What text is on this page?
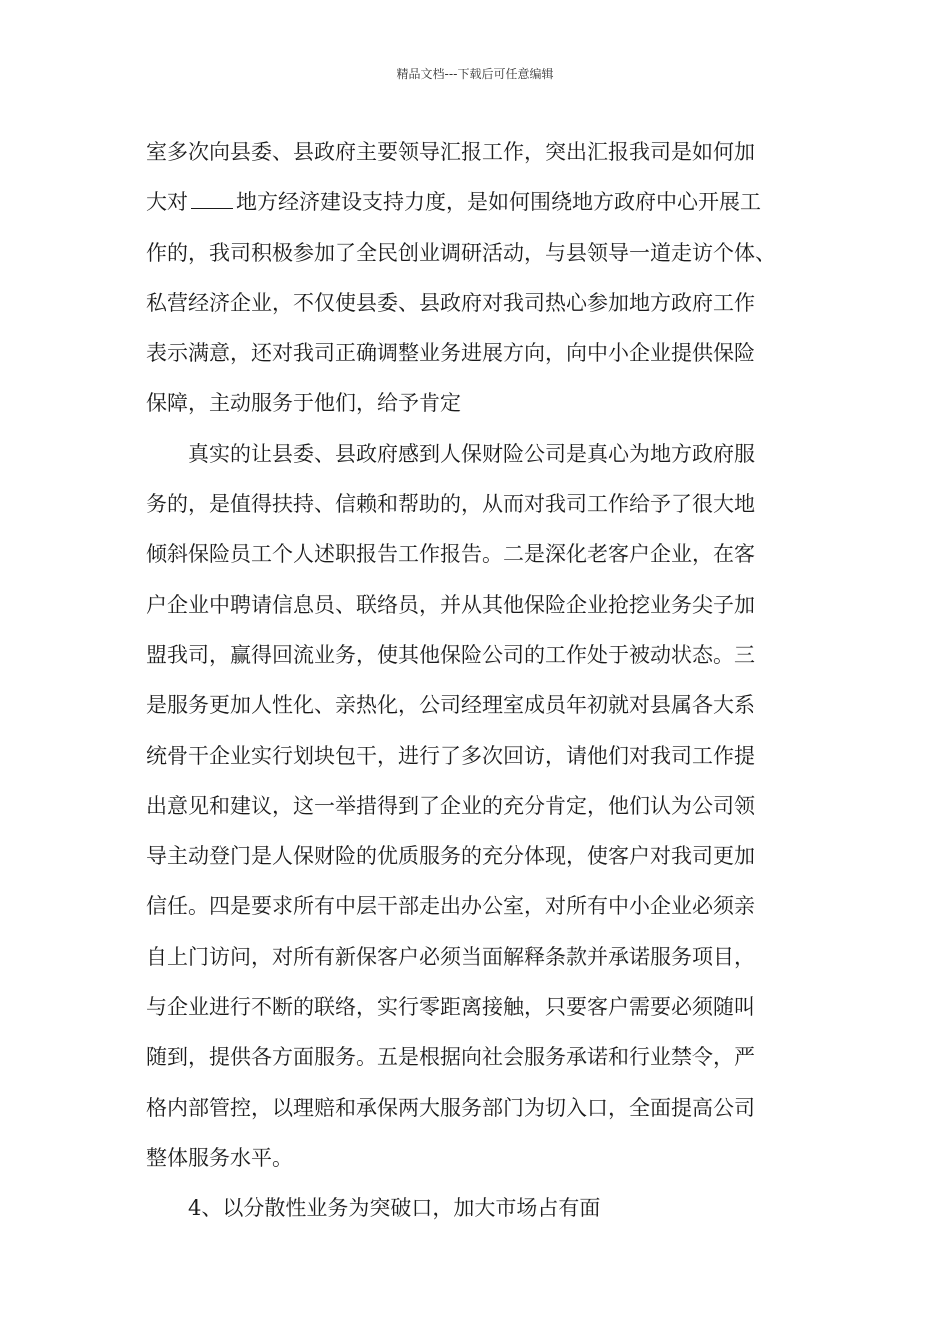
精品文档---下载后可任意编辑
室多次向县委、县政府主要领导汇报工作，突出汇报我司是如何加
大对 地方经济建设支持力度，是如何围绕地方政府中心开展工
作的，我司积极参加了全民创业调研活动，与县领导一道走访个体、
私营经济企业，不仅使县委、县政府对我司热心参加地方政府工作
表示满意，还对我司正确调整业务进展方向，向中小企业提供保险
保障，主动服务于他们，给予肯定
　　真实的让县委、县政府感到人保财险公司是真心为地方政府服
务的，是值得扶持、信赖和帮助的，从而对我司工作给予了很大地
倾斜保险员工个人述职报告工作报告。二是深化老客户企业，在客
户企业中聘请信息员、联络员，并从其他保险企业抢挖业务尖子加
盟我司，赢得回流业务，使其他保险公司的工作处于被动状态。三
是服务更加人性化、亲热化，公司经理室成员年初就对县属各大系
统骨干企业实行划块包干，进行了多次回访，请他们对我司工作提
出意见和建议，这一举措得到了企业的充分肯定，他们认为公司领
导主动登门是人保财险的优质服务的充分体现，使客户对我司更加
信任。四是要求所有中层干部走出办公室，对所有中小企业必须亲
自上门访问，对所有新保客户必须当面解释条款并承诺服务项目，
与企业进行不断的联络，实行零距离接触，只要客户需要必须随叫
随到，提供各方面服务。五是根据向社会服务承诺和行业禁令，严
格内部管控，以理赔和承保两大服务部门为切入口，全面提高公司
整体服务水平。
　　4、以分散性业务为突破口，加大市场占有面
